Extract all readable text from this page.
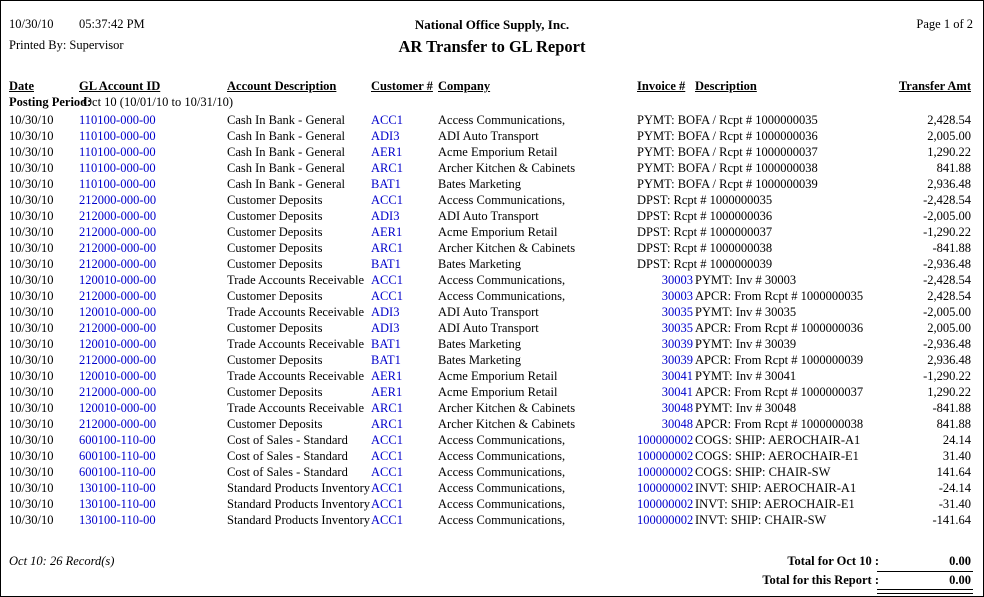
10/30/10 05:37:42 PM
Printed By: Supervisor
National Office Supply, Inc.
AR Transfer to GL Report
Page 1 of 2
Date	GL Account ID	Account Description	Customer # Company	Invoice # Description	Transfer Amt
Posting Period:
Oct 10 (10/01/10 to 10/31/10)
10/30/10 110100-000-00	Cash In Bank - General ACC1	Access Communications,	PYMT: BOFA / Rcpt # 1000000035	2,428.54
10/30/10 110100-000-00	Cash In Bank - General ADI3	ADI Auto Transport	PYMT: BOFA / Rcpt # 1000000036	2,005.00
10/30/10 110100-000-00	Cash In Bank - General AER1	Acme Emporium Retail	PYMT: BOFA / Rcpt # 1000000037	1,290.22
10/30/10 110100-000-00	Cash In Bank - General ARC1	Archer Kitchen & Cabinets	PYMT: BOFA / Rcpt # 1000000038	841.88
10/30/10 110100-000-00	Cash In Bank - General BAT1	Bates Marketing	PYMT: BOFA / Rcpt # 1000000039	2,936.48
10/30/10 212000-000-00	Customer Deposits	ACC1	Access Communications,	DPST: Rcpt # 1000000035	-2,428.54
10/30/10 212000-000-00	Customer Deposits	ADI3	ADI Auto Transport	DPST: Rcpt # 1000000036	-2,005.00
10/30/10 212000-000-00	Customer Deposits	AER1	Acme Emporium Retail	DPST: Rcpt # 1000000037	-1,290.22
10/30/10 212000-000-00	Customer Deposits	ARC1	Archer Kitchen & Cabinets	DPST: Rcpt # 1000000038	-841.88
10/30/10 212000-000-00	Customer Deposits	BAT1	Bates Marketing	DPST: Rcpt # 1000000039	-2,936.48
10/30/10 120010-000-00	Trade Accounts Receivable ACC1	Access Communications,	30003 PYMT: Inv # 30003	-2,428.54
10/30/10 212000-000-00	Customer Deposits	ACC1	Access Communications,	30003 APCR: From Rcpt # 1000000035	2,428.54
10/30/10 120010-000-00	Trade Accounts Receivable ADI3	ADI Auto Transport	30035 PYMT: Inv # 30035	-2,005.00
10/30/10 212000-000-00	Customer Deposits	ADI3	ADI Auto Transport	30035 APCR: From Rcpt # 1000000036	2,005.00
10/30/10 120010-000-00	Trade Accounts Receivable BAT1	Bates Marketing	30039 PYMT: Inv # 30039	-2,936.48
10/30/10 212000-000-00	Customer Deposits	BAT1	Bates Marketing	30039 APCR: From Rcpt # 1000000039	2,936.48
10/30/10 120010-000-00	Trade Accounts Receivable AER1	Acme Emporium Retail	30041 PYMT: Inv # 30041	-1,290.22
10/30/10 212000-000-00	Customer Deposits	AER1	Acme Emporium Retail	30041 APCR: From Rcpt # 1000000037	1,290.22
10/30/10 120010-000-00	Trade Accounts Receivable ARC1	Archer Kitchen & Cabinets	30048 PYMT: Inv # 30048	-841.88
10/30/10 212000-000-00	Customer Deposits	ARC1	Archer Kitchen & Cabinets	30048 APCR: From Rcpt # 1000000038	841.88
10/30/10 600100-110-00	Cost of Sales - Standard ACC1	Access Communications,	100000002 COGS: SHIP: AEROCHAIR-A1	24.14
10/30/10 600100-110-00	Cost of Sales - Standard ACC1	Access Communications,	100000002 COGS: SHIP: AEROCHAIR-E1	31.40
10/30/10 600100-110-00	Cost of Sales - Standard ACC1	Access Communications,	100000002 COGS: SHIP: CHAIR-SW	141.64
10/30/10 130100-110-00	Standard Products Inventory ACC1	Access Communications,	100000002 INVT: SHIP: AEROCHAIR-A1	-24.14
10/30/10 130100-110-00	Standard Products Inventory ACC1	Access Communications,	100000002 INVT: SHIP: AEROCHAIR-E1	-31.40
10/30/10 130100-110-00	Standard Products Inventory ACC1	Access Communications,	100000002 INVT: SHIP: CHAIR-SW	-141.64
Oct 10: 26 Record(s)	Total for Oct 10 :	0.00
Total for this Report :	0.00
